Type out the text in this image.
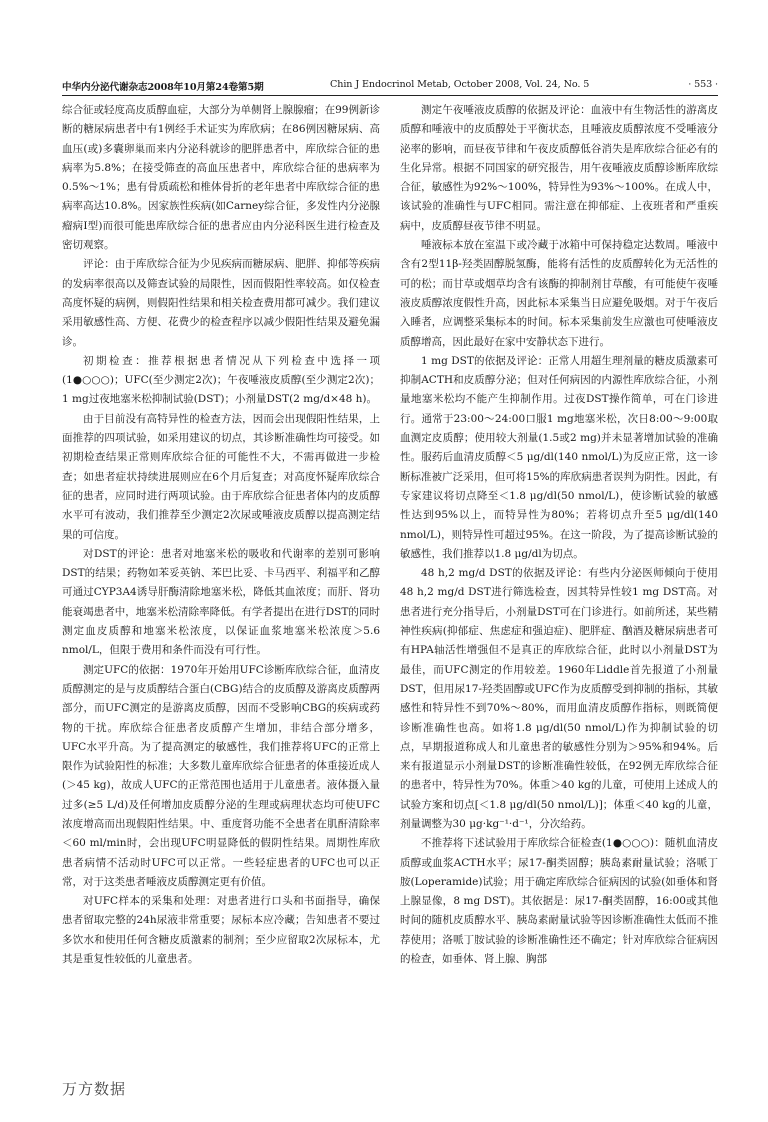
中华内分泌代谢杂志2008年10月第24卷第5期	Chin J Endocrinol Metab, October 2008, Vol. 24, No. 5	· 553 ·

综合征或轻度高皮质醇血症，大部分为单侧肾上腺腺瘤；在99例新诊断的糖尿病患者中有1例经手术证实为库欣病；在86例因糖尿病、高血压(或)多囊卵巢而来内分泌科就诊的肥胖患者中，库欣综合征的患病率为5.8%；在接受筛查的高血压患者中，库欣综合征的患病率为0.5%～1%；患有骨质疏松和椎体骨折的老年患者中库欣综合征的患病率高达10.8%。因家族性疾病(如Carney综合征，多发性内分泌腺瘤病Ⅰ型)而很可能患库欣综合征的患者应由内分泌科医生进行检查及密切观察。

评论：由于库欣综合征为少见疾病而糖尿病、肥胖、抑郁等疾病的发病率很高以及筛查试验的局限性，因而假阳性率较高。如仅检查高度怀疑的病例，则假阳性结果和相关检查费用都可减少。我们建议采用敏感性高、方便、花费少的检查程序以减少假阳性结果及避免漏诊。

初期检查：推荐根据患者情况从下列检查中选择一项(1●○○○)；UFC(至少测定2次)；午夜唾液皮质醇(至少测定2次)；1 mg过夜地塞米松抑制试验(DST)；小剂量DST(2 mg/d×48 h)。

由于目前没有高特异性的检查方法，因而会出现假阳性结果，上面推荐的四项试验，如采用建议的切点，其诊断准确性均可接受。如初期检查结果正常则库欣综合征的可能性不大，不需再做进一步检查；如患者症状持续进展则应在6个月后复查；对高度怀疑库欣综合征的患者，应同时进行两项试验。由于库欣综合征患者体内的皮质醇水平可有波动，我们推荐至少测定2次尿或唾液皮质醇以提高测定结果的可信度。

对DST的评论：患者对地塞米松的吸收和代谢率的差别可影响DST的结果；药物如苯妥英钠、苯巴比妥、卡马西平、利福平和乙醇可通过CYP3A4诱导肝酶清除地塞米松，降低其血浓度；而肝、肾功能衰竭患者中，地塞米松清除率降低。有学者提出在进行DST的同时测定血皮质醇和地塞米松浓度，以保证血浆地塞米松浓度＞5.6 nmol/L，但限于费用和条件而没有可行性。

测定UFC的依据：1970年开始用UFC诊断库欣综合征，血清皮质醇测定的是与皮质醇结合蛋白(CBG)结合的皮质醇及游离皮质醇两部分，而UFC测定的是游离皮质醇，因而不受影响CBG的疾病或药物的干扰。库欣综合征患者皮质醇产生增加，非结合部分增多，UFC水平升高。为了提高测定的敏感性，我们推荐将UFC的正常上限作为试验阳性的标准；大多数儿童库欣综合征患者的体重接近成人(＞45 kg)，故成人UFC的正常范围也适用于儿童患者。液体摄入量过多(≥5 L/d)及任何增加皮质醇分泌的生理或病理状态均可使UFC浓度增高而出现假阳性结果。中、重度肾功能不全患者在肌酐清除率＜60 ml/min时，会出现UFC明显降低的假阴性结果。周期性库欣患者病情不活动时UFC可以正常。一些轻症患者的UFC也可以正常，对于这类患者唾液皮质醇测定更有价值。

对UFC样本的采集和处理：对患者进行口头和书面指导，确保患者留取完整的24h尿液非常重要；尿标本应冷藏；告知患者不要过多饮水和使用任何含糖皮质激素的制剂；至少应留取2次尿标本，尤其是重复性较低的儿童患者。

测定午夜唾液皮质醇的依据及评论：血液中有生物活性的游离皮质醇和唾液中的皮质醇处于平衡状态，且唾液皮质醇浓度不受唾液分泌率的影响，而昼夜节律和午夜皮质醇低谷消失是库欣综合征必有的生化异常。根据不同国家的研究报告，用午夜唾液皮质醇诊断库欣综合征，敏感性为92%～100%，特异性为93%～100%。在成人中，该试验的准确性与UFC相同。需注意在抑郁症、上夜班者和严重疾病中，皮质醇昼夜节律不明显。

唾液标本放在室温下或冷藏于冰箱中可保持稳定达数周。唾液中含有2型11β-羟类固醇脱氢酶，能将有活性的皮质醇转化为无活性的可的松；而甘草或烟草均含有该酶的抑制剂甘草酸，有可能使午夜唾液皮质醇浓度假性升高，因此标本采集当日应避免吸烟。对于午夜后入睡者，应调整采集标本的时间。标本采集前发生应激也可使唾液皮质醇增高，因此最好在家中安静状态下进行。

1 mg DST的依据及评论：正常人用超生理剂量的糖皮质激素可抑制ACTH和皮质醇分泌；但对任何病因的内源性库欣综合征，小剂量地塞米松均不能产生抑制作用。过夜DST操作简单，可在门诊进行。通常于23:00～24:00口服1 mg地塞米松，次日8:00～9:00取血测定皮质醇；使用较大剂量(1.5或2 mg)并未显著增加试验的准确性。服药后血清皮质醇＜5 μg/dl(140 nmol/L)为反应正常，这一诊断标准被广泛采用，但可将15%的库欣病患者误判为阴性。因此，有专家建议将切点降至＜1.8 μg/dl(50 nmol/L)，使诊断试验的敏感性达到95%以上，而特异性为80%；若将切点升至5 μg/dl(140 nmol/L)，则特异性可超过95%。在这一阶段，为了提高诊断试验的敏感性，我们推荐以1.8 μg/dl为切点。

48 h,2 mg/d DST的依据及评论：有些内分泌医师倾向于使用48 h,2 mg/d DST进行筛选检查，因其特异性较1 mg DST高。对患者进行充分指导后，小剂量DST可在门诊进行。如前所述，某些精神性疾病(抑郁症、焦虑症和强迫症)、肥胖症、酗酒及糖尿病患者可有HPA轴活性增强但不是真正的库欣综合征，此时以小剂量DST为最佳，而UFC测定的作用较差。1960年Liddle首先报道了小剂量DST，但用尿17-羟类固醇或UFC作为皮质醇受到抑制的指标，其敏感性和特异性不到70%～80%，而用血清皮质醇作指标，则既简便诊断准确性也高。如将1.8 μg/dl(50 nmol/L)作为抑制试验的切点，早期报道称成人和儿童患者的敏感性分别为＞95%和94%。后来有报道显示小剂量DST的诊断准确性较低，在92例无库欣综合征的患者中，特异性为70%。体重＞40 kg的儿童，可使用上述成人的试验方案和切点[＜1.8 μg/dl(50 nmol/L)]；体重＜40 kg的儿童，剂量调整为30 μg·kg⁻¹·d⁻¹，分次给药。

不推荐将下述试验用于库欣综合征检查(1●○○○)：随机血清皮质醇或血浆ACTH水平；尿17-酮类固醇；胰岛素耐量试验；洛哌丁胺(Loperamide)试验；用于确定库欣综合征病因的试验(如垂体和肾上腺显像，8 mg DST)。其依据是：尿17-酮类固醇，16:00或其他时间的随机皮质醇水平、胰岛素耐量试验等因诊断准确性太低而不推荐使用；洛哌丁胺试验的诊断准确性还不确定；针对库欣综合征病因的检查，如垂体、肾上腺、胸部

万方数据
